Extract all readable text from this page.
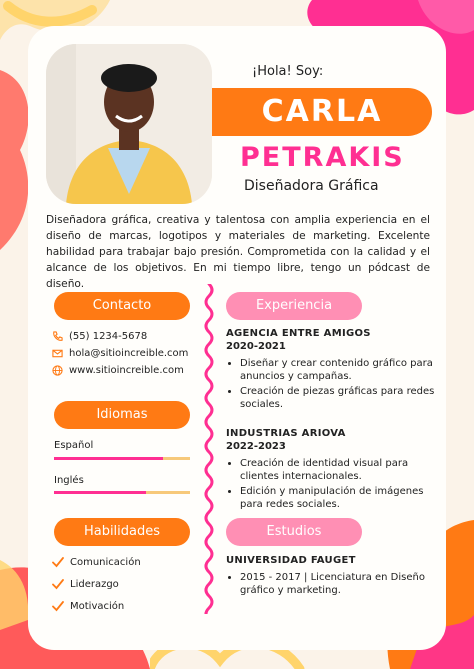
¡Hola! Soy:
CARLA
PETRAKIS
Diseñadora Gráfica
Diseñadora gráfica, creativa y talentosa con amplia experiencia en el diseño de marcas, logotipos y materiales de marketing. Excelente habilidad para trabajar bajo presión. Comprometida con la calidad y el alcance de los objetivos. En mi tiempo libre, tengo un pódcast de diseño.
Contacto
(55) 1234-5678
hola@sitioincreible.com
www.sitioincreible.com
Idiomas
Español
Inglés
Habilidades
Comunicación
Liderazgo
Motivación
Experiencia
AGENCIA ENTRE AMIGOS
2020-2021
• Diseñar y crear contenido gráfico para anuncios y campañas.
• Creación de piezas gráficas para redes sociales.
INDUSTRIAS ARIOVA
2022-2023
• Creación de identidad visual para clientes internacionales.
• Edición y manipulación de imágenes para redes sociales.
Estudios
UNIVERSIDAD FAUGET
• 2015 - 2017 | Licenciatura en Diseño gráfico y marketing.
